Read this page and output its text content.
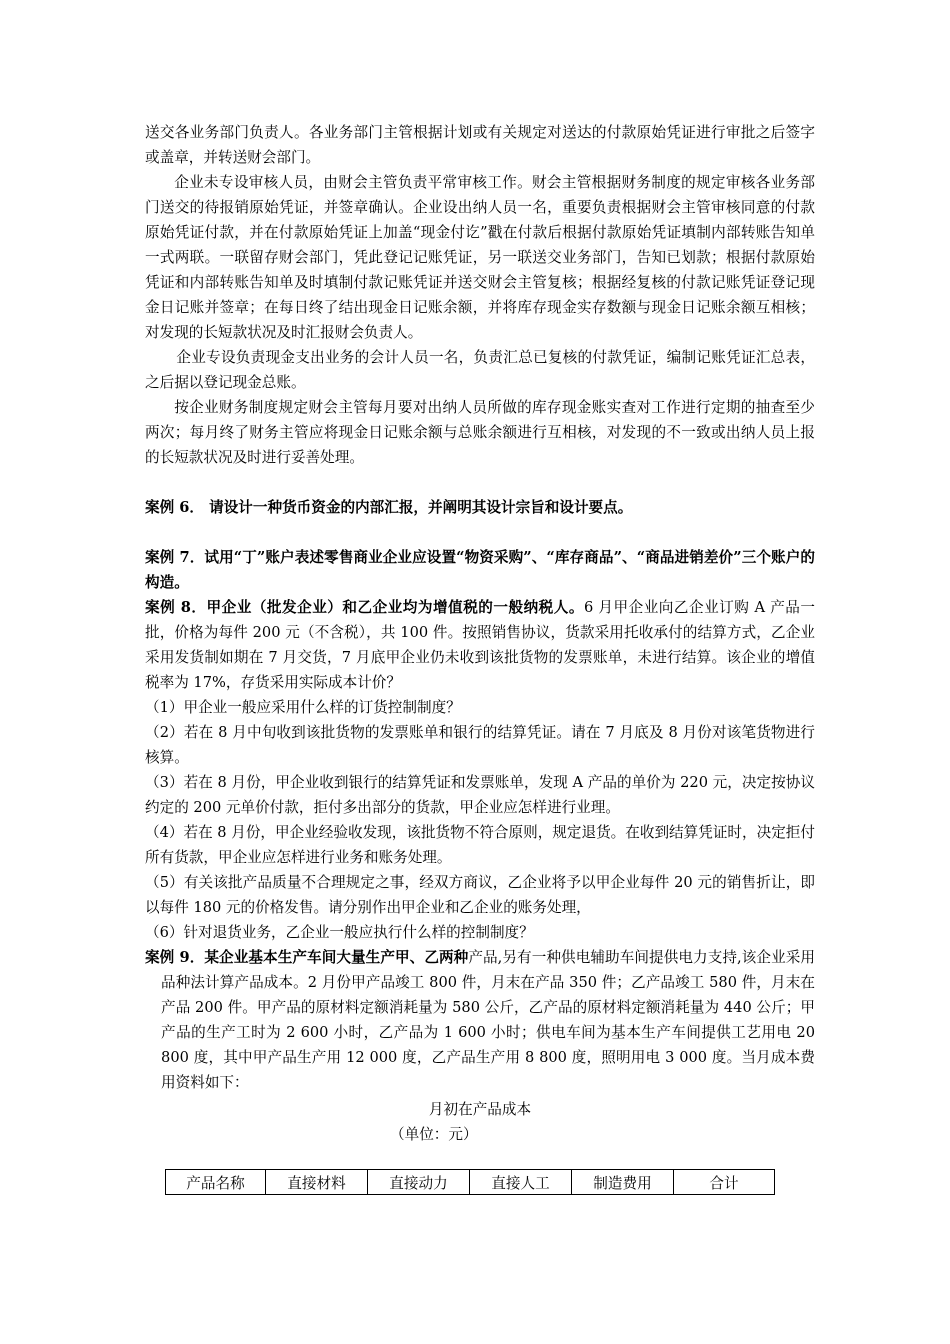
送交各业务部门负责人。各业务部门主管根据计划或有关规定对送达的付款原始凭证进行审批之后签字或盖章，并转送财会部门。

企业未专设审核人员，由财会主管负责平常审核工作。财会主管根据财务制度的规定审核各业务部门送交的待报销原始凭证，并签章确认。企业设出纳人员一名，重要负责根据财会主管审核同意的付款原始凭证付款，并在付款原始凭证上加盖“现金付讫”戳在付款后根据付款原始凭证填制内部转账告知单一式两联。一联留存财会部门，凭此登记记账凭证，另一联送交业务部门，告知已划款；根据付款原始凭证和内部转账告知单及时填制付款记账凭证并送交财会主管复核；根据经复核的付款记账凭证登记现金日记账并签章；在每日终了结出现金日记账余额，并将库存现金实存数额与现金日记账余额互相核；对发现的长短款状况及时汇报财会负责人。

企业专设负责现金支出业务的会计人员一名，负责汇总已复核的付款凭证，编制记账凭证汇总表，之后据以登记现金总账。

按企业财务制度规定财会主管每月要对出纳人员所做的库存现金账实查对工作进行定期的抽查至少两次；每月终了财务主管应将现金日记账余额与总账余额进行互相核，对发现的不一致或出纳人员上报的长短款状况及时进行妥善处理。

案例 6． 请设计一种货币资金的内部汇报，并阐明其设计宗旨和设计要点。

案例 7．试用“丁”账户表述零售商业企业应设置“物资采购”、“库存商品”、“商品进销差价”三个账户的构造。

案例 8．甲企业（批发企业）和乙企业均为增值税的一般纳税人。6 月甲企业向乙企业订购 A 产品一批，价格为每件 200 元（不含税），共 100 件。按照销售协议，货款采用托收承付的结算方式，乙企业采用发货制如期在 7 月交货，7 月底甲企业仍未收到该批货物的发票账单，未进行结算。该企业的增值税率为 17%，存货采用实际成本计价？

（1）甲企业一般应采用什么样的订货控制制度？

（2）若在 8 月中旬收到该批货物的发票账单和银行的结算凭证。请在 7 月底及 8 月份对该笔货物进行核算。

（3）若在 8 月份，甲企业收到银行的结算凭证和发票账单，发现 A 产品的单价为 220 元，决定按协议约定的 200 元单价付款，拒付多出部分的货款，甲企业应怎样进行业理。

（4）若在 8 月份，甲企业经验收发现，该批货物不符合原则，规定退货。在收到结算凭证时，决定拒付所有货款，甲企业应怎样进行业务和账务处理。

（5）有关该批产品质量不合理规定之事，经双方商议，乙企业将予以甲企业每件 20 元的销售折让，即以每件 180 元的价格发售。请分别作出甲企业和乙企业的账务处理，

（6）针对退货业务，乙企业一般应执行什么样的控制制度？

案例 9．某企业基本生产车间大量生产甲、乙两种产品,另有一种供电辅助车间提供电力支持,该企业采用品种法计算产品成本。2 月份甲产品竣工 800 件，月末在产品 350 件；乙产品竣工 580 件，月末在产品 200 件。甲产品的原材料定额消耗量为 580 公斤，乙产品的原材料定额消耗量为 440 公斤；甲产品的生产工时为 2 600 小时，乙产品为 1 600 小时；供电车间为基本生产车间提供工艺用电 20 800 度，其中甲产品生产用 12 000 度，乙产品生产用 8 800 度，照明用电 3 000 度。当月成本费用资料如下：

月初在产品成本

（单位：元）

产品名称	直接材料	直接动力	直接人工	制造费用	合计
